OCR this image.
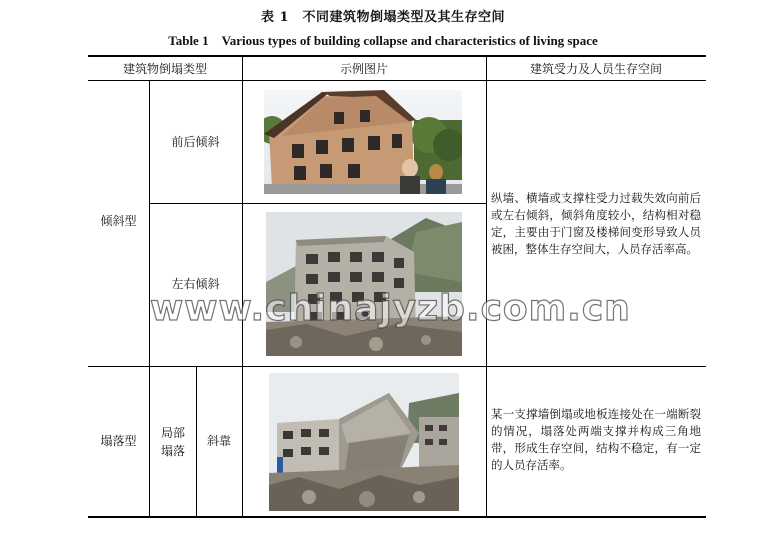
表 1　不同建筑物倒塌类型及其生存空间
Table 1　Various types of building collapse and characteristics of living space
建筑物倒塌类型	示例图片	建筑受力及人员生存空间
倾斜型
前后倾斜
左右倾斜
纵墙、横墙或支撑柱受力过载失效向前后或左右倾斜，倾斜角度较小，结构相对稳定，主要由于门窗及楼梯间变形导致人员被困，整体生存空间大，人员存活率高。
塌落型
局部塌落
斜靠
某一支撑墙倒塌或地板连接处在一端断裂的情况，塌落处两端支撑并构成三角地带，形成生存空间，结构不稳定，有一定的人员存活率。
www.chinajyzb.com.cn
